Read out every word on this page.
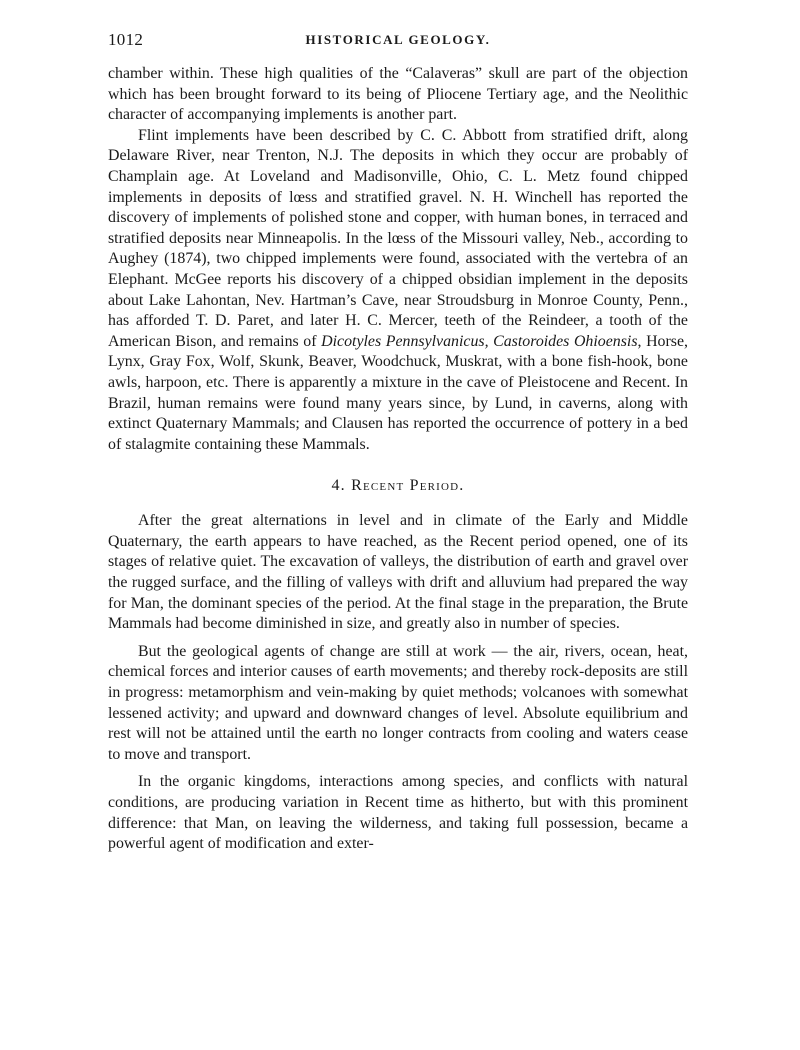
1012	HISTORICAL GEOLOGY.

chamber within. These high qualities of the “Calaveras” skull are part of the objection which has been brought forward to its being of Pliocene Tertiary age, and the Neolithic character of accompanying implements is another part.

Flint implements have been described by C. C. Abbott from stratified drift, along Delaware River, near Trenton, N.J. The deposits in which they occur are probably of Champlain age. At Loveland and Madisonville, Ohio, C. L. Metz found chipped implements in deposits of lœss and stratified gravel. N. H. Winchell has reported the discovery of implements of polished stone and copper, with human bones, in terraced and stratified deposits near Minneapolis. In the lœss of the Missouri valley, Neb., according to Aughey (1874), two chipped implements were found, associated with the vertebra of an Elephant. McGee reports his discovery of a chipped obsidian implement in the deposits about Lake Lahontan, Nev. Hartman’s Cave, near Stroudsburg in Monroe County, Penn., has afforded T. D. Paret, and later H. C. Mercer, teeth of the Reindeer, a tooth of the American Bison, and remains of Dicotyles Pennsylvanicus, Castoroides Ohioensis, Horse, Lynx, Gray Fox, Wolf, Skunk, Beaver, Woodchuck, Muskrat, with a bone fish-hook, bone awls, harpoon, etc. There is apparently a mixture in the cave of Pleistocene and Recent. In Brazil, human remains were found many years since, by Lund, in caverns, along with extinct Quaternary Mammals; and Clausen has reported the occurrence of pottery in a bed of stalagmite containing these Mammals.

4. Recent Period.

After the great alternations in level and in climate of the Early and Middle Quaternary, the earth appears to have reached, as the Recent period opened, one of its stages of relative quiet. The excavation of valleys, the distribution of earth and gravel over the rugged surface, and the filling of valleys with drift and alluvium had prepared the way for Man, the dominant species of the period. At the final stage in the preparation, the Brute Mammals had become diminished in size, and greatly also in number of species.

But the geological agents of change are still at work — the air, rivers, ocean, heat, chemical forces and interior causes of earth movements; and thereby rock-deposits are still in progress: metamorphism and vein-making by quiet methods; volcanoes with somewhat lessened activity; and upward and downward changes of level. Absolute equilibrium and rest will not be attained until the earth no longer contracts from cooling and waters cease to move and transport.

In the organic kingdoms, interactions among species, and conflicts with natural conditions, are producing variation in Recent time as hitherto, but with this prominent difference: that Man, on leaving the wilderness, and taking full possession, became a powerful agent of modification and exter-
